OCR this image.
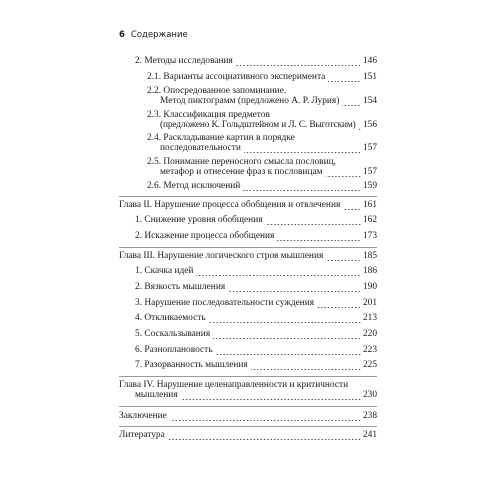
6 Содержание
2. Методы исследования	146
2.1. Варианты ассоциативного эксперимента	151
2.2. Опосредованное запоминание.
Метод пиктограмм (предложено А. Р. Лурия)	154
2.3. Классификация предметов
(предложено К. Гольдштейном и Л. С. Выготским) 156
2.4. Раскладывание картин в порядке
последовательности	157
2.5. Понимание переносного смысла пословиц,
метафор и отнесение фраз к пословицам	157
2.6. Метод исключений	159
Глава II. Нарушение процесса обобщения и отвлечения 161
1. Снижение уровня обобщения	162
2. Искажение процесса обобщения	173
Глава III. Нарушение логического строя мышления	185
1. Скачка идей	186
2. Вязкость мышления	190
3. Нарушение последовательности суждения	201
4. Откликаемость	213
5. Соскальзывания	220
6. Разноплановость	223
7. Разорванность мышления	225
Глава IV. Нарушение целенаправленности и критичности
мышления	230
Заключение	238
Литература	241
